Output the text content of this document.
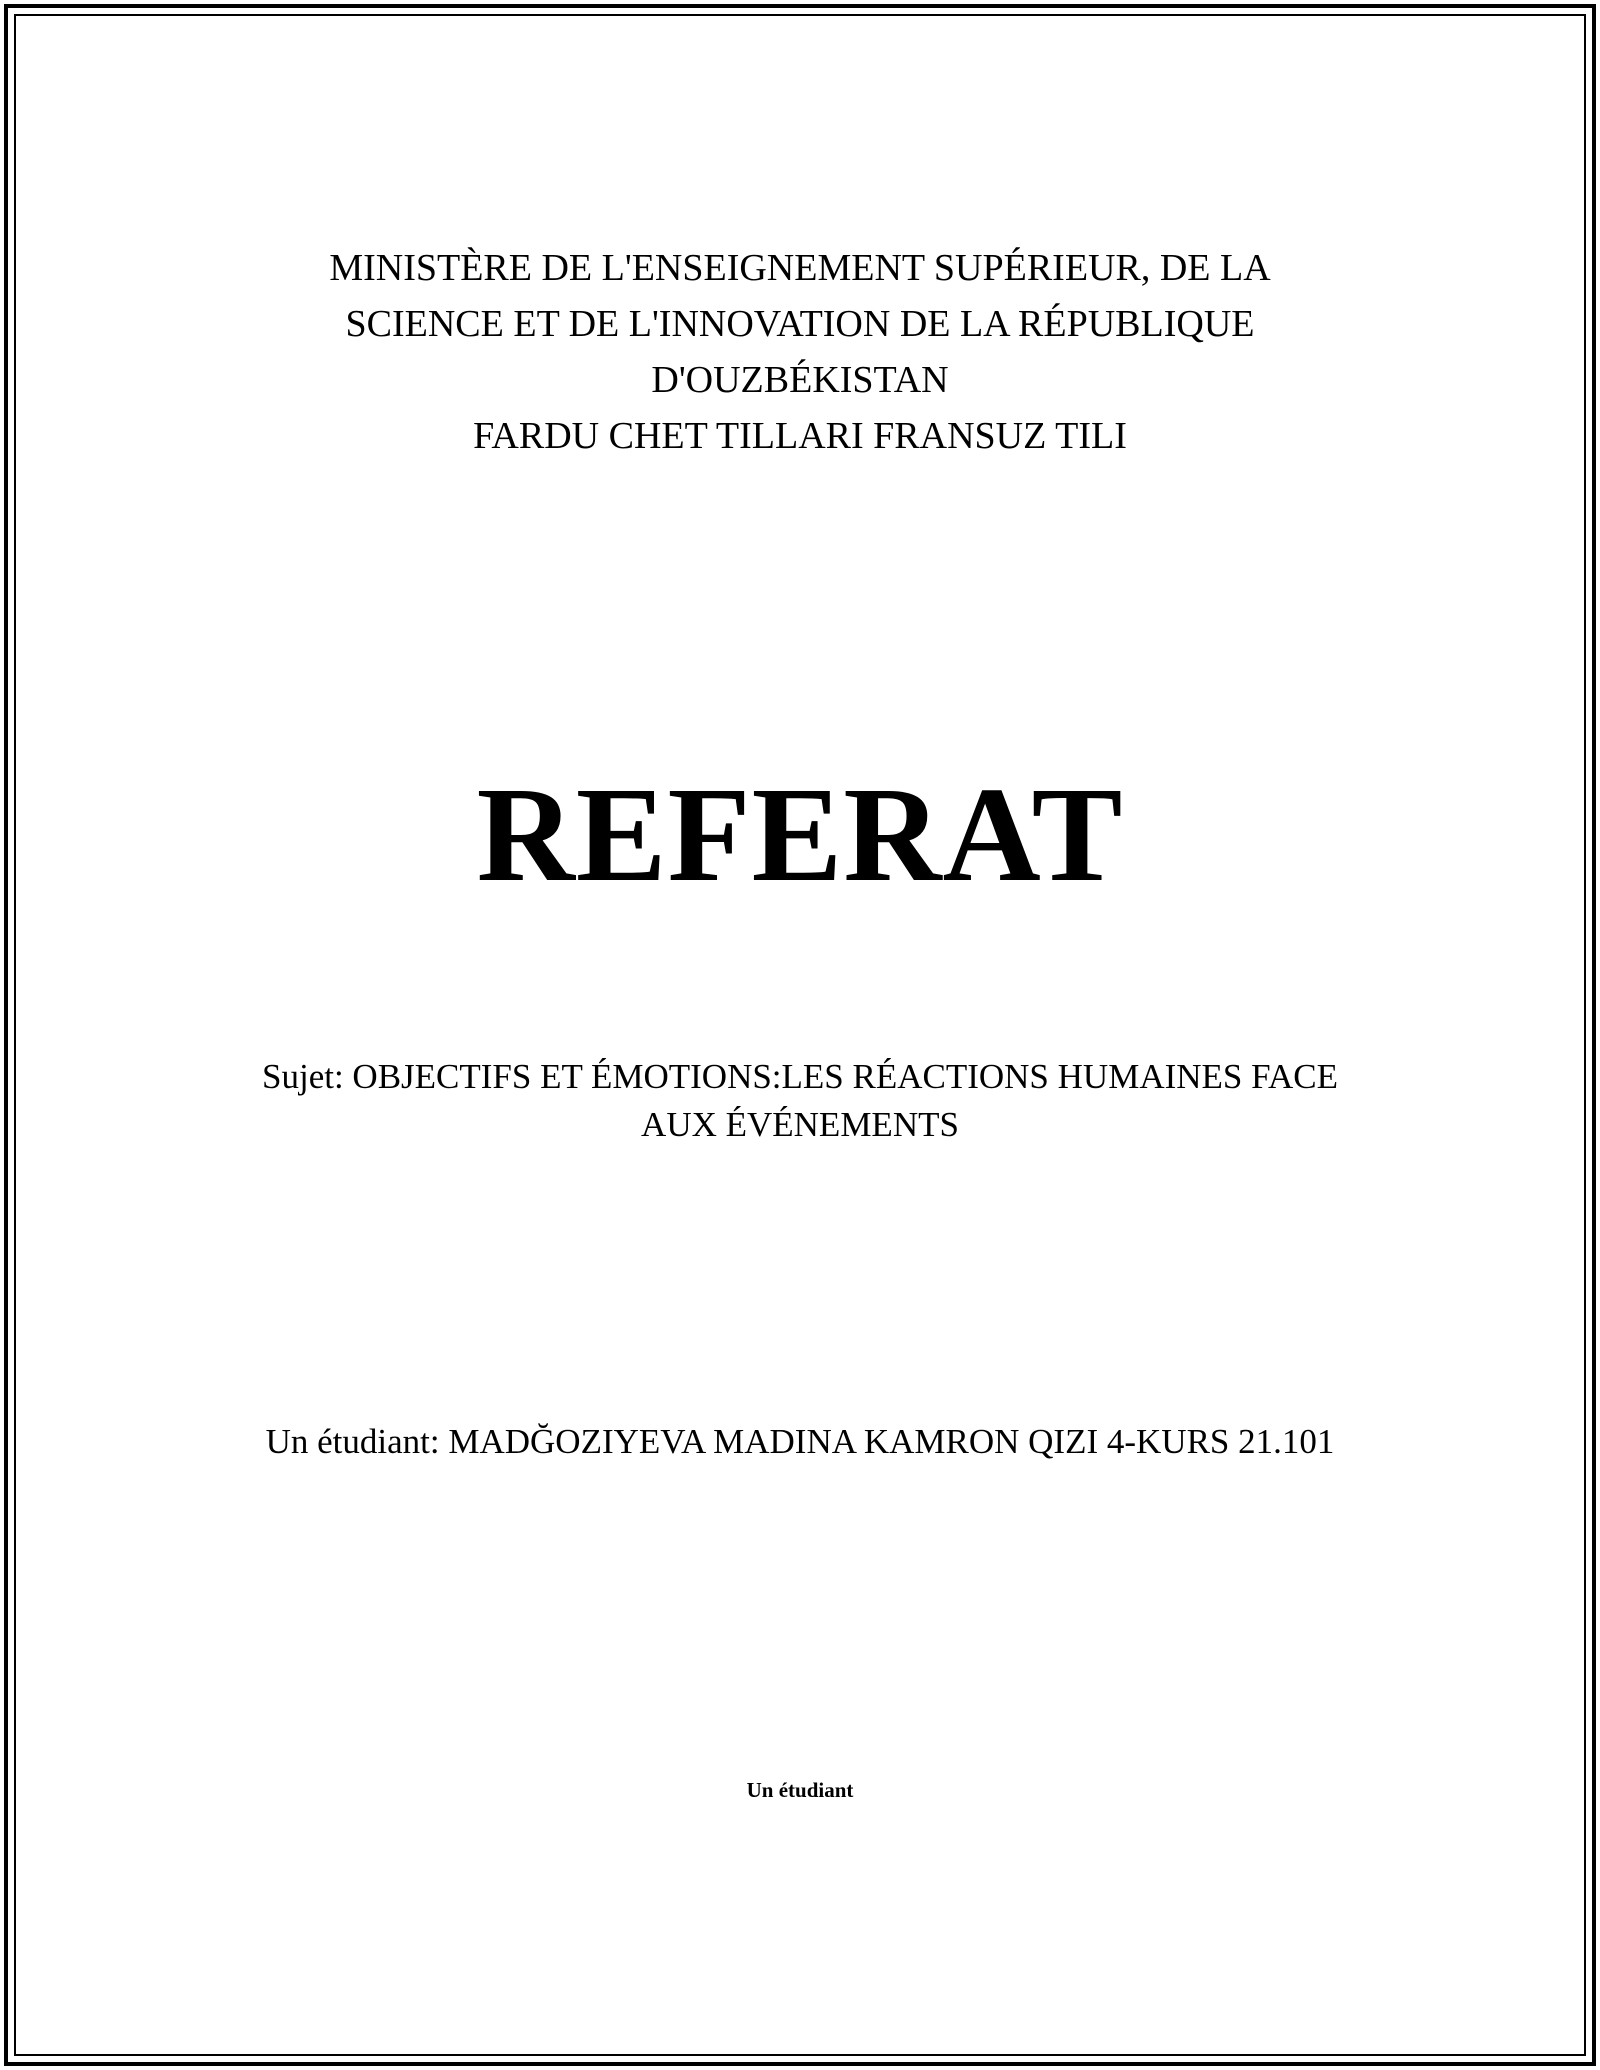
MINISTÈRE DE L'ENSEIGNEMENT SUPÉRIEUR, DE LA
SCIENCE ET DE L'INNOVATION DE LA RÉPUBLIQUE
D'OUZBÉKISTAN
FARDU CHET TILLARI FRANSUZ TILI
REFERAT
Sujet: OBJECTIFS ET ÉMOTIONS:LES RÉACTIONS HUMAINES FACE
AUX ÉVÉNEMENTS
Un étudiant: MADĞOZIYEVA MADINA KAMRON QIZI 4-KURS 21.101
Un étudiant
